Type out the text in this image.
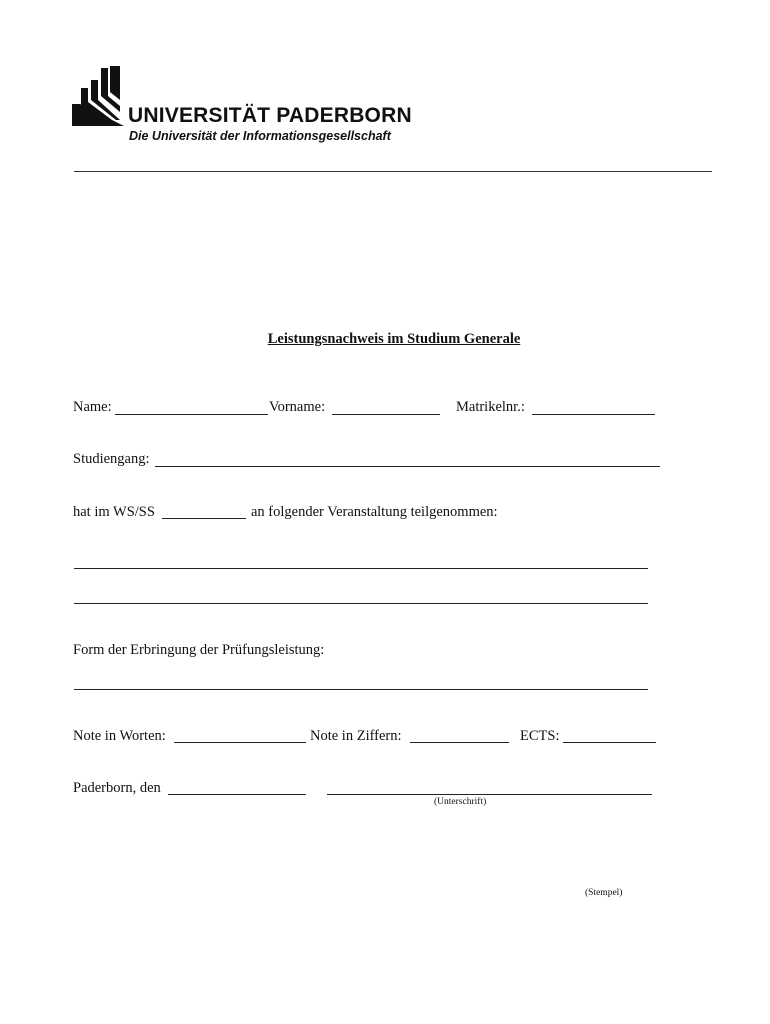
UNIVERSITÄT PADERBORN
Die Universität der Informationsgesellschaft
Leistungsnachweis im Studium Generale
Name:	Vorname:	Matrikelnr.:
Studiengang:
hat im WS/SS	an folgender Veranstaltung teilgenommen:
Form der Erbringung der Prüfungsleistung:
Note in Worten:	Note in Ziffern:	ECTS:
Paderborn, den
(Unterschrift)
(Stempel)
